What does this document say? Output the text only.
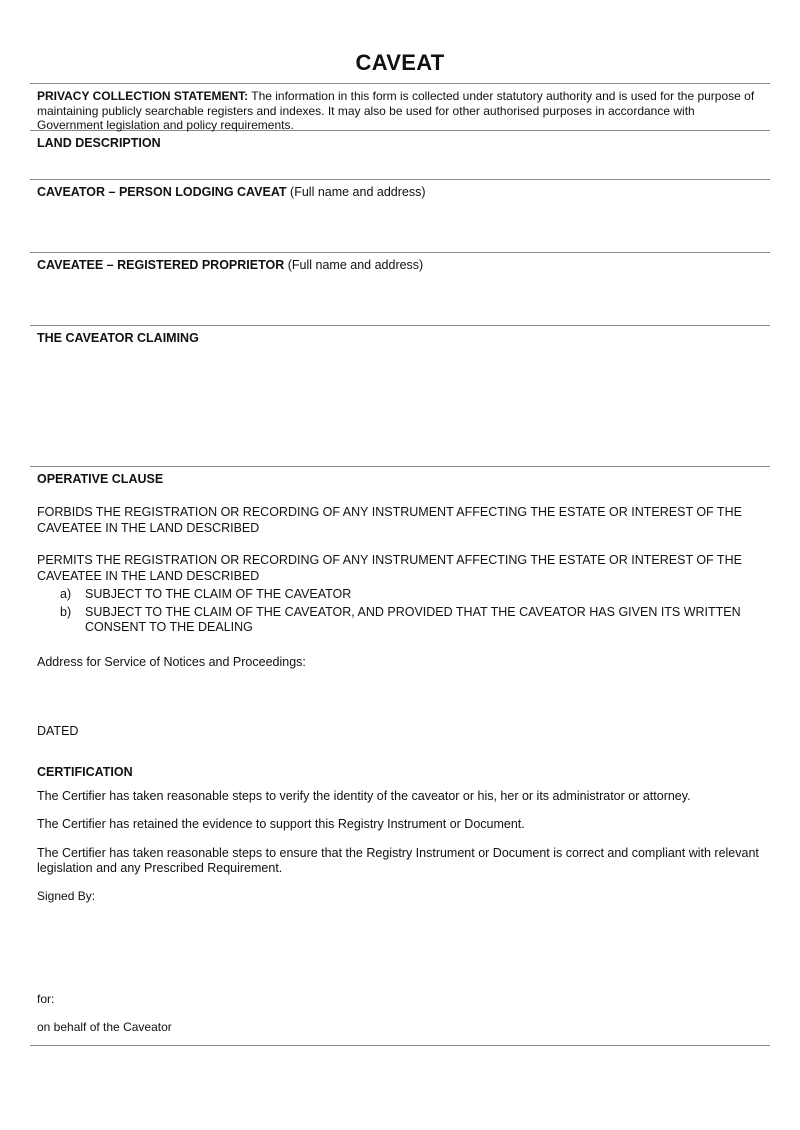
CAVEAT
PRIVACY COLLECTION STATEMENT: The information in this form is collected under statutory authority and is used for the purpose of maintaining publicly searchable registers and indexes. It may also be used for other authorised purposes in accordance with Government legislation and policy requirements.
LAND DESCRIPTION
CAVEATOR – PERSON LODGING CAVEAT (Full name and address)
CAVEATEE – REGISTERED PROPRIETOR (Full name and address)
THE CAVEATOR CLAIMING
OPERATIVE CLAUSE

FORBIDS THE REGISTRATION OR RECORDING OF ANY INSTRUMENT AFFECTING THE ESTATE OR INTEREST OF THE CAVEATEE IN THE LAND DESCRIBED

PERMITS THE REGISTRATION OR RECORDING OF ANY INSTRUMENT AFFECTING THE ESTATE OR INTEREST OF THE CAVEATEE IN THE LAND DESCRIBED

a)	SUBJECT TO THE CLAIM OF THE CAVEATOR
b)	SUBJECT TO THE CLAIM OF THE CAVEATOR, AND PROVIDED THAT THE CAVEATOR HAS GIVEN ITS WRITTEN CONSENT TO THE DEALING

Address for Service of Notices and Proceedings:

DATED

CERTIFICATION

The Certifier has taken reasonable steps to verify the identity of the caveator or his, her or its administrator or attorney.

The Certifier has retained the evidence to support this Registry Instrument or Document.

The Certifier has taken reasonable steps to ensure that the Registry Instrument or Document is correct and compliant with relevant legislation and any Prescribed Requirement.

Signed By:

for:

on behalf of the Caveator
